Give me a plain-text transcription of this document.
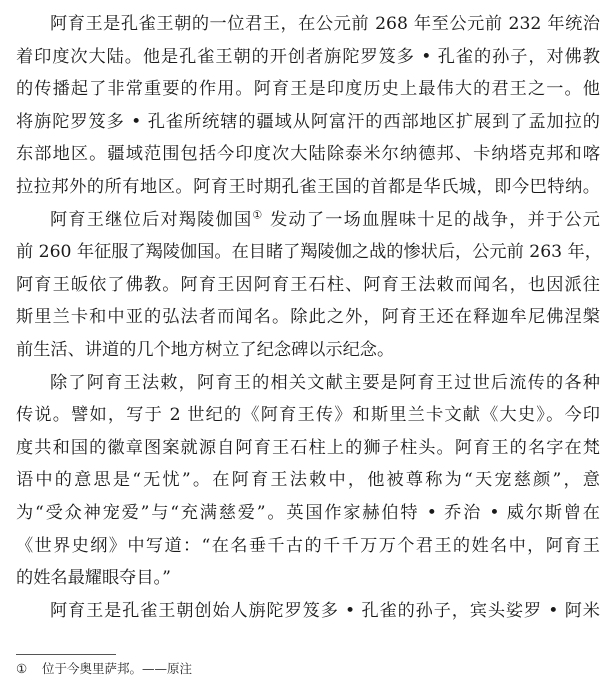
阿育王是孔雀王朝的一位君王，在公元前 268 年至公元前 232 年统治
着印度次大陆。他是孔雀王朝的开创者旃陀罗笈多 • 孔雀的孙子，对佛教
的传播起了非常重要的作用。阿育王是印度历史上最伟大的君王之一。他
将旃陀罗笈多 • 孔雀所统辖的疆域从阿富汗的西部地区扩展到了孟加拉的
东部地区。疆域范围包括今印度次大陆除泰米尔纳德邦、卡纳塔克邦和喀
拉拉邦外的所有地区。阿育王时期孔雀王国的首都是华氏城，即今巴特纳。
阿育王继位后对羯陵伽国① 发动了一场血腥味十足的战争，并于公元
前 260 年征服了羯陵伽国。在目睹了羯陵伽之战的惨状后，公元前 263 年，
阿育王皈依了佛教。阿育王因阿育王石柱、阿育王法敕而闻名，也因派往
斯里兰卡和中亚的弘法者而闻名。除此之外，阿育王还在释迦牟尼佛涅槃
前生活、讲道的几个地方树立了纪念碑以示纪念。
除了阿育王法敕，阿育王的相关文献主要是阿育王过世后流传的各种
传说。譬如，写于 2 世纪的《阿育王传》和斯里兰卡文献《大史》。今印
度共和国的徽章图案就源自阿育王石柱上的狮子柱头。阿育王的名字在梵
语中的意思是“无忧”。在阿育王法敕中，他被尊称为“天宠慈颜”，意
为“受众神宠爱”与“充满慈爱”。英国作家赫伯特 • 乔治 • 威尔斯曾在
《世界史纲》中写道：“在名垂千古的千千万万个君王的姓名中，阿育王
的姓名最耀眼夺目。”
阿育王是孔雀王朝创始人旃陀罗笈多 • 孔雀的孙子，宾头娑罗 • 阿米
① 位于今奥里萨邦。——原注
